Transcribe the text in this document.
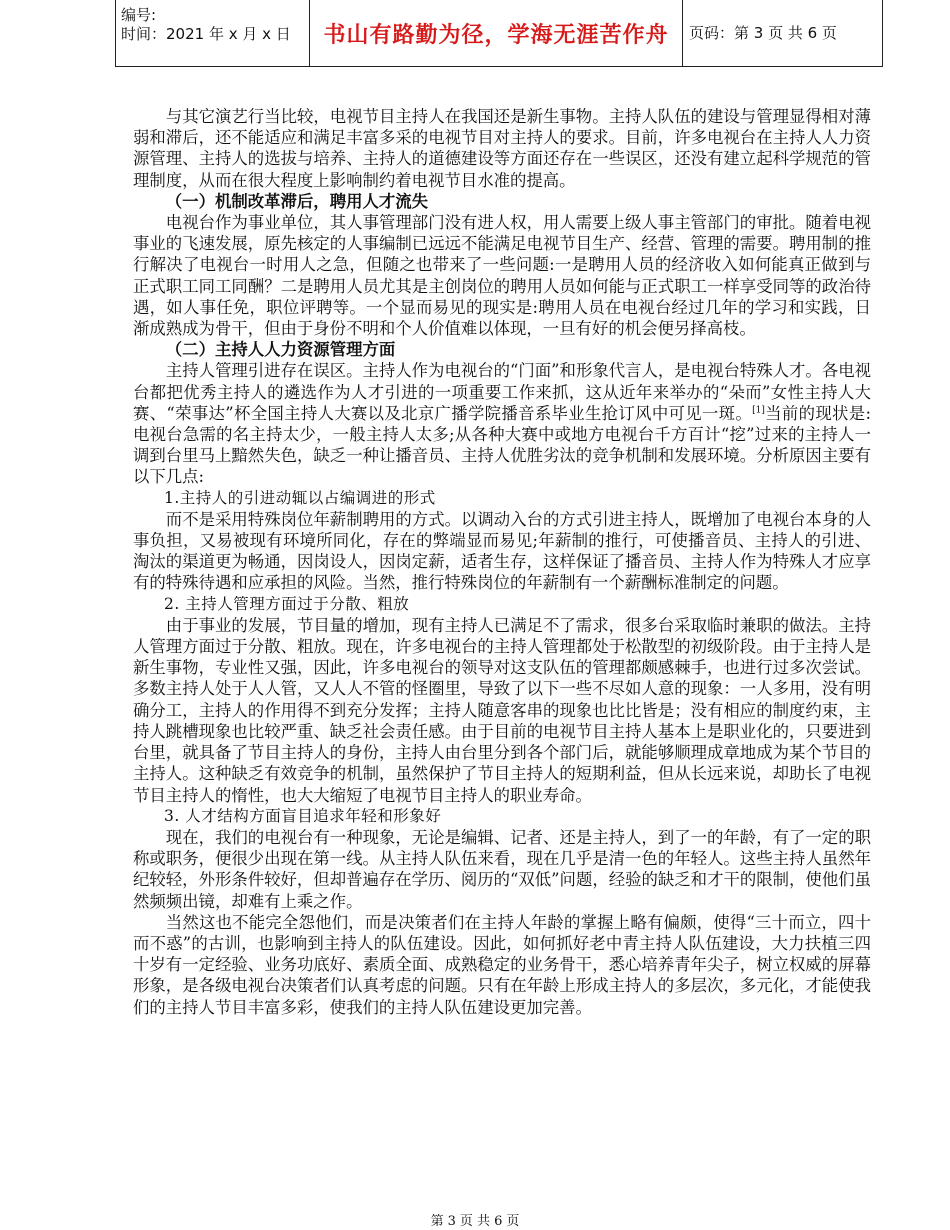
编号:
时间：2021 年 x 月 x 日	书山有路勤为径，学海无涯苦作舟	页码：第 3 页 共 6 页

与其它演艺行当比较，电视节目主持人在我国还是新生事物。主持人队伍的建设与管理显得相对薄弱和滞后，还不能适应和满足丰富多采的电视节目对主持人的要求。目前，许多电视台在主持人人力资源管理、主持人的选拔与培养、主持人的道德建设等方面还存在一些误区，还没有建立起科学规范的管理制度，从而在很大程度上影响制约着电视节目水准的提高。

（一）机制改革滞后，聘用人才流失

电视台作为事业单位，其人事管理部门没有进人权，用人需要上级人事主管部门的审批。随着电视事业的飞速发展，原先核定的人事编制已远远不能满足电视节目生产、经营、管理的需要。聘用制的推行解决了电视台一时用人之急，但随之也带来了一些问题:一是聘用人员的经济收入如何能真正做到与正式职工同工同酬？二是聘用人员尤其是主创岗位的聘用人员如何能与正式职工一样享受同等的政治待遇，如人事任免，职位评聘等。一个显而易见的现实是:聘用人员在电视台经过几年的学习和实践，日渐成熟成为骨干，但由于身份不明和个人价值难以体现，一旦有好的机会便另择高枝。

（二）主持人人力资源管理方面

主持人管理引进存在误区。主持人作为电视台的“门面”和形象代言人，是电视台特殊人才。各电视台都把优秀主持人的遴选作为人才引进的一项重要工作来抓，这从近年来举办的“朵而”女性主持人大赛、“荣事达”杯全国主持人大赛以及北京广播学院播音系毕业生抢订风中可见一斑。[1]当前的现状是:电视台急需的名主持太少，一般主持人太多;从各种大赛中或地方电视台千方百计“挖”过来的主持人一调到台里马上黯然失色，缺乏一种让播音员、主持人优胜劣汰的竞争机制和发展环境。分析原因主要有以下几点:

1.主持人的引进动辄以占编调进的形式

而不是采用特殊岗位年薪制聘用的方式。以调动入台的方式引进主持人，既增加了电视台本身的人事负担，又易被现有环境所同化，存在的弊端显而易见;年薪制的推行，可使播音员、主持人的引进、淘汰的渠道更为畅通，因岗设人，因岗定薪，适者生存，这样保证了播音员、主持人作为特殊人才应享有的特殊待遇和应承担的风险。当然，推行特殊岗位的年薪制有一个薪酬标准制定的问题。

2. 主持人管理方面过于分散、粗放

由于事业的发展，节目量的增加，现有主持人已满足不了需求，很多台采取临时兼职的做法。主持人管理方面过于分散、粗放。现在，许多电视台的主持人管理都处于松散型的初级阶段。由于主持人是新生事物，专业性又强，因此，许多电视台的领导对这支队伍的管理都颇感棘手，也进行过多次尝试。多数主持人处于人人管，又人人不管的怪圈里，导致了以下一些不尽如人意的现象：一人多用，没有明确分工，主持人的作用得不到充分发挥；主持人随意客串的现象也比比皆是；没有相应的制度约束，主持人跳槽现象也比较严重、缺乏社会责任感。由于目前的电视节目主持人基本上是职业化的，只要进到台里，就具备了节目主持人的身份，主持人由台里分到各个部门后，就能够顺理成章地成为某个节目的主持人。这种缺乏有效竞争的机制，虽然保护了节目主持人的短期利益，但从长远来说，却助长了电视节目主持人的惰性，也大大缩短了电视节目主持人的职业寿命。

3. 人才结构方面盲目追求年轻和形象好

现在，我们的电视台有一种现象，无论是编辑、记者、还是主持人，到了一的年龄，有了一定的职称或职务，便很少出现在第一线。从主持人队伍来看，现在几乎是清一色的年轻人。这些主持人虽然年纪较轻，外形条件较好，但却普遍存在学历、阅历的“双低”问题，经验的缺乏和才干的限制，使他们虽然频频出镜，却难有上乘之作。

当然这也不能完全怨他们，而是决策者们在主持人年龄的掌握上略有偏颇，使得“三十而立，四十而不惑”的古训，也影响到主持人的队伍建设。因此，如何抓好老中青主持人队伍建设，大力扶植三四十岁有一定经验、业务功底好、素质全面、成熟稳定的业务骨干，悉心培养青年尖子，树立权威的屏幕形象，是各级电视台决策者们认真考虑的问题。只有在年龄上形成主持人的多层次，多元化，才能使我们的主持人节目丰富多彩，使我们的主持人队伍建设更加完善。

第 3 页 共 6 页
